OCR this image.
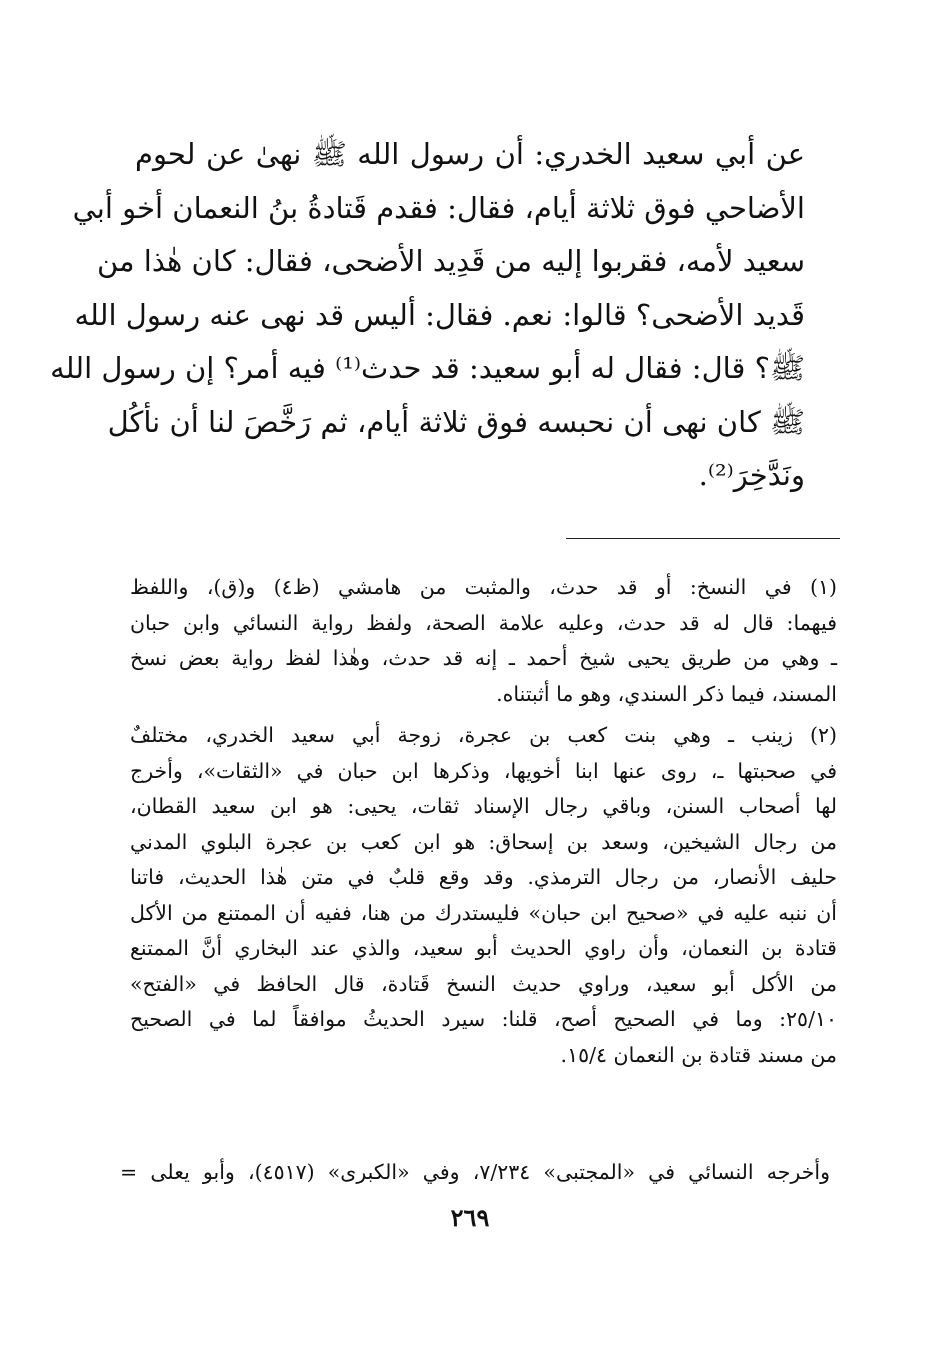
عن أبي سعيد الخدري: أن رسول الله ﷺ نهىٰ عن لحوم
الأضاحي فوق ثلاثة أيام، فقال: فقدم قَتادةُ بنُ النعمان أخو أبي
سعيد لأمه، فقربوا إليه من قَدِيد الأضحى، فقال: كان هٰذا من
قَديد الأضحى؟ قالوا: نعم. فقال: أليس قد نهى عنه رسول الله
ﷺ؟ قال: فقال له أبو سعيد: قد حدث⁽¹⁾ فيه أمر؟ إن رسول الله
ﷺ كان نهى أن نحبسه فوق ثلاثة أيام، ثم رَخَّصَ لنا أن نأكُل
ونَدَّخِرَ⁽²⁾.
(١) في النسخ: أو قد حدث، والمثبت من هامشي (ظ٤) و(ق)، واللفظ
فيهما: قال له قد حدث، وعليه علامة الصحة، ولفظ رواية النسائي وابن حبان
ـ وهي من طريق يحيى شيخ أحمد ـ إنه قد حدث، وهٰذا لفظ رواية بعض نسخ
المسند، فيما ذكر السندي، وهو ما أثبتناه.
(٢) زينب ـ وهي بنت كعب بن عجرة، زوجة أبي سعيد الخدري، مختلفٌ
في صحبتها ـ، روى عنها ابنا أخويها، وذكرها ابن حبان في «الثقات»، وأخرج
لها أصحاب السنن، وباقي رجال الإسناد ثقات، يحيى: هو ابن سعيد القطان،
من رجال الشيخين، وسعد بن إسحاق: هو ابن كعب بن عجرة البلوي المدني
حليف الأنصار، من رجال الترمذي. وقد وقع قلبٌ في متن هٰذا الحديث، فاتنا
أن ننبه عليه في «صحيح ابن حبان» فليستدرك من هنا، ففيه أن الممتنع من الأكل
قتادة بن النعمان، وأن راوي الحديث أبو سعيد، والذي عند البخاري أنَّ الممتنع
من الأكل أبو سعيد، وراوي حديث النسخ قَتادة، قال الحافظ في «الفتح»
٢٥/١٠: وما في الصحيح أصح، قلنا: سيرد الحديثُ موافقاً لما في الصحيح
من مسند قتادة بن النعمان ١٥/٤.
وأخرجه النسائي في «المجتبى» ٧/٢٣٤، وفي «الكبرى» (٤٥١٧)، وأبو يعلى =
٢٦٩
